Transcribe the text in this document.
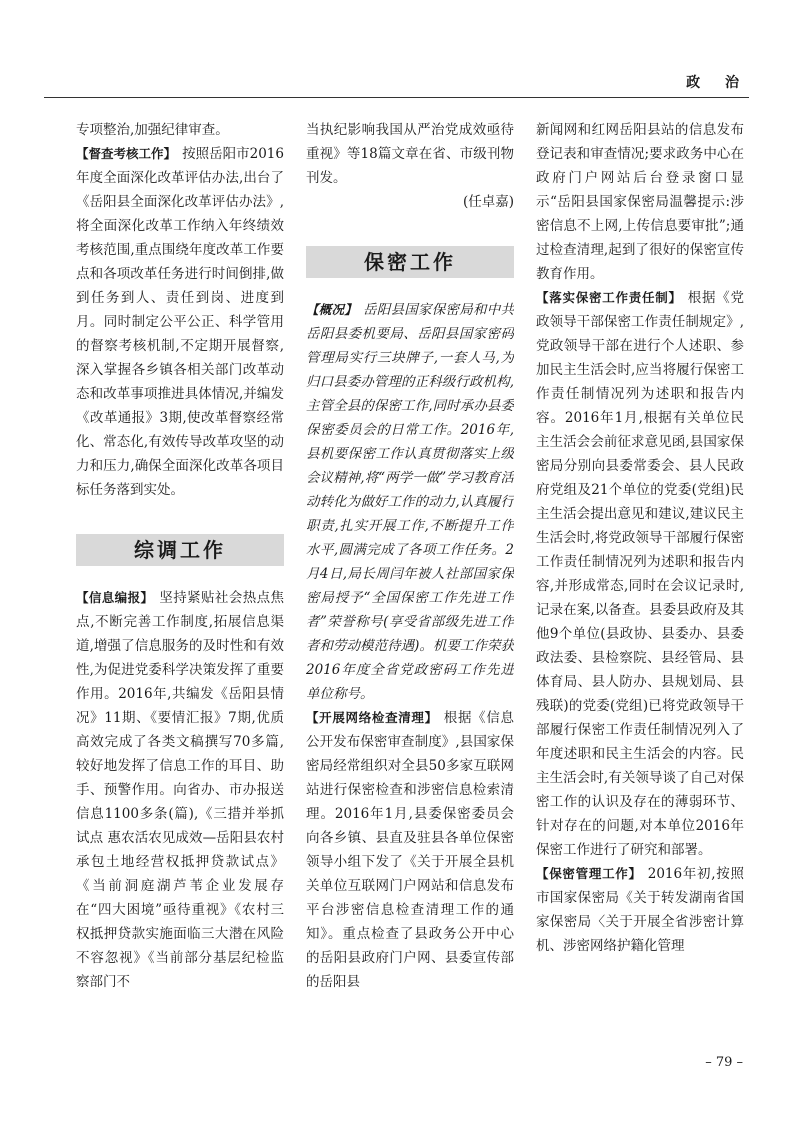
政 治

专项整治,加强纪律审查。

【督查考核工作】 按照岳阳市2016年度全面深化改革评估办法,出台了《岳阳县全面深化改革评估办法》,将全面深化改革工作纳入年终绩效考核范围,重点围绕年度改革工作要点和各项改革任务进行时间倒排,做到任务到人、责任到岗、进度到月。同时制定公平公正、科学管用的督察考核机制,不定期开展督察,深入掌握各乡镇各相关部门改革动态和改革事项推进具体情况,并编发《改革通报》3期,使改革督察经常化、常态化,有效传导改革攻坚的动力和压力,确保全面深化改革各项目标任务落到实处。

综调工作

【信息编报】 坚持紧贴社会热点焦点,不断完善工作制度,拓展信息渠道,增强了信息服务的及时性和有效性,为促进党委科学决策发挥了重要作用。2016年,共编发《岳阳县情况》11期、《要情汇报》7期,优质高效完成了各类文稿撰写70多篇,较好地发挥了信息工作的耳目、助手、预警作用。向省办、市办报送信息1100多条(篇),《三措并举抓试点 惠农活农见成效—岳阳县农村承包土地经营权抵押贷款试点》《当前洞庭湖芦苇企业发展存在“四大困境”亟待重视》《农村三权抵押贷款实施面临三大潜在风险不容忽视》《当前部分基层纪检监察部门不

当执纪影响我国从严治党成效亟待重视》等18篇文章在省、市级刊物刊发。

(任卓嘉)

保密工作

【概况】 岳阳县国家保密局和中共岳阳县委机要局、岳阳县国家密码管理局实行三块牌子,一套人马,为归口县委办管理的正科级行政机构,主管全县的保密工作,同时承办县委保密委员会的日常工作。2016年,县机要保密工作认真贯彻落实上级会议精神,将“两学一做”学习教育活动转化为做好工作的动力,认真履行职责,扎实开展工作,不断提升工作水平,圆满完成了各项工作任务。2月4日,局长周闫年被人社部国家保密局授予“全国保密工作先进工作者”荣誉称号(享受省部级先进工作者和劳动模范待遇)。机要工作荣获2016年度全省党政密码工作先进单位称号。

【开展网络检查清理】 根据《信息公开发布保密审查制度》,县国家保密局经常组织对全县50多家互联网站进行保密检查和涉密信息检索清理。2016年1月,县委保密委员会向各乡镇、县直及驻县各单位保密领导小组下发了《关于开展全县机关单位互联网门户网站和信息发布平台涉密信息检查清理工作的通知》。重点检查了县政务公开中心的岳阳县政府门户网、县委宣传部的岳阳县

新闻网和红网岳阳县站的信息发布登记表和审查情况;要求政务中心在政府门户网站后台登录窗口显示“岳阳县国家保密局温馨提示:涉密信息不上网,上传信息要审批”;通过检查清理,起到了很好的保密宣传教育作用。

【落实保密工作责任制】 根据《党政领导干部保密工作责任制规定》,党政领导干部在进行个人述职、参加民主生活会时,应当将履行保密工作责任制情况列为述职和报告内容。2016年1月,根据有关单位民主生活会会前征求意见函,县国家保密局分别向县委常委会、县人民政府党组及21个单位的党委(党组)民主生活会提出意见和建议,建议民主生活会时,将党政领导干部履行保密工作责任制情况列为述职和报告内容,并形成常态,同时在会议记录时,记录在案,以备查。县委县政府及其他9个单位(县政协、县委办、县委政法委、县检察院、县经管局、县体育局、县人防办、县规划局、县残联)的党委(党组)已将党政领导干部履行保密工作责任制情况列入了年度述职和民主生活会的内容。民主生活会时,有关领导谈了自己对保密工作的认识及存在的薄弱环节、针对存在的问题,对本单位2016年保密工作进行了研究和部署。

【保密管理工作】 2016年初,按照市国家保密局《关于转发湖南省国家保密局〈关于开展全省涉密计算机、涉密网络护籍化管理

– 79 –
